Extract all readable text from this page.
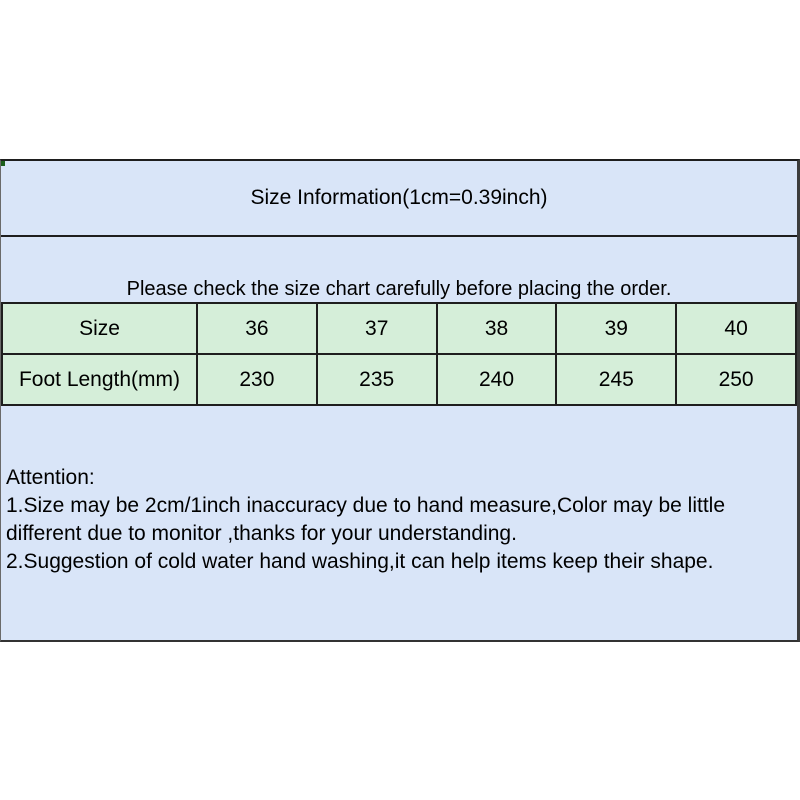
Size Information(1cm=0.39inch)
Please check the size chart carefully before placing the order.
Size	36	37	38	39	40
Foot Length(mm)	230	235	240	245	250
Attention:
1.Size may be 2cm/1inch inaccuracy due to hand measure,Color may be little
different due to monitor ,thanks for your understanding.
2.Suggestion of cold water hand washing,it can help items keep their shape.
